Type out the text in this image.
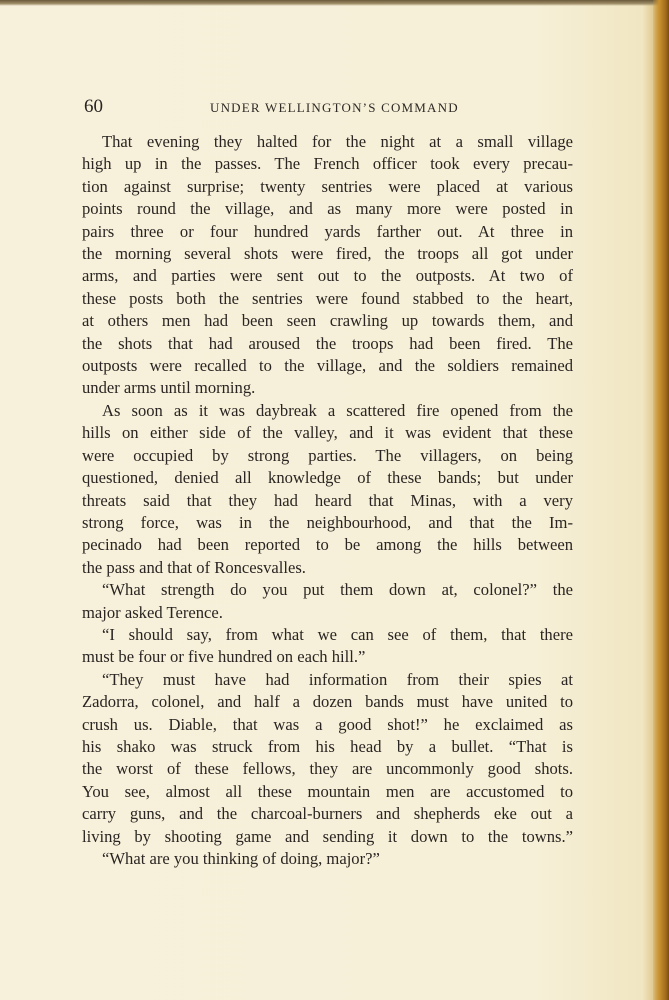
60	UNDER WELLINGTON’S COMMAND
That evening they halted for the night at a small village
high up in the passes. The French officer took every precau-
tion against surprise; twenty sentries were placed at various
points round the village, and as many more were posted in
pairs three or four hundred yards farther out. At three in
the morning several shots were fired, the troops all got under
arms, and parties were sent out to the outposts. At two of
these posts both the sentries were found stabbed to the heart,
at others men had been seen crawling up towards them, and
the shots that had aroused the troops had been fired. The
outposts were recalled to the village, and the soldiers remained
under arms until morning.
As soon as it was daybreak a scattered fire opened from the
hills on either side of the valley, and it was evident that these
were occupied by strong parties. The villagers, on being
questioned, denied all knowledge of these bands; but under
threats said that they had heard that Minas, with a very
strong force, was in the neighbourhood, and that the Im-
pecinado had been reported to be among the hills between
the pass and that of Roncesvalles.
“What strength do you put them down at, colonel?” the
major asked Terence.
“I should say, from what we can see of them, that there
must be four or five hundred on each hill.”
“They must have had information from their spies at
Zadorra, colonel, and half a dozen bands must have united to
crush us. Diable, that was a good shot!” he exclaimed as
his shako was struck from his head by a bullet. “That is
the worst of these fellows, they are uncommonly good shots.
You see, almost all these mountain men are accustomed to
carry guns, and the charcoal-burners and shepherds eke out a
living by shooting game and sending it down to the towns.”
“What are you thinking of doing, major?”
